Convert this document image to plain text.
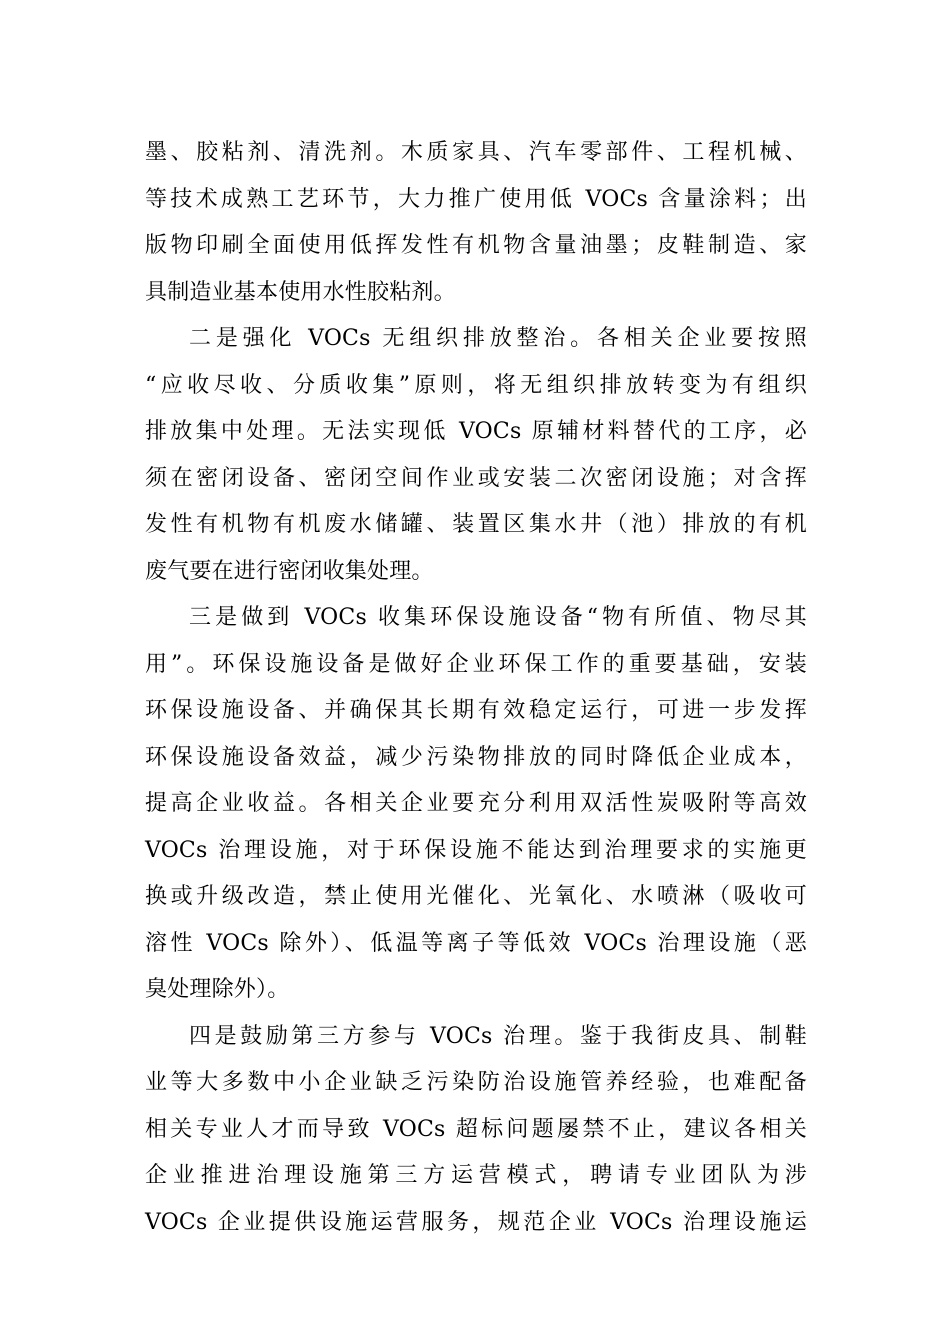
墨、胶粘剂、清洗剂。木质家具、汽车零部件、工程机械、
等技术成熟工艺环节，大力推广使用低 VOCs 含量涂料；出
版物印刷全面使用低挥发性有机物含量油墨；皮鞋制造、家
具制造业基本使用水性胶粘剂。
二是强化 VOCs 无组织排放整治。各相关企业要按照
“应收尽收、分质收集”原则，将无组织排放转变为有组织
排放集中处理。无法实现低 VOCs 原辅材料替代的工序，必
须在密闭设备、密闭空间作业或安装二次密闭设施；对含挥
发性有机物有机废水储罐、装置区集水井（池）排放的有机
废气要在进行密闭收集处理。
三是做到 VOCs 收集环保设施设备“物有所值、物尽其
用”。环保设施设备是做好企业环保工作的重要基础，安装
环保设施设备、并确保其长期有效稳定运行，可进一步发挥
环保设施设备效益，减少污染物排放的同时降低企业成本，
提高企业收益。各相关企业要充分利用双活性炭吸附等高效
VOCs 治理设施，对于环保设施不能达到治理要求的实施更
换或升级改造，禁止使用光催化、光氧化、水喷淋（吸收可
溶性 VOCs 除外）、低温等离子等低效 VOCs 治理设施（恶
臭处理除外）。
四是鼓励第三方参与 VOCs 治理。鉴于我街皮具、制鞋
业等大多数中小企业缺乏污染防治设施管养经验，也难配备
相关专业人才而导致 VOCs 超标问题屡禁不止，建议各相关
企业推进治理设施第三方运营模式，聘请专业团队为涉
VOCs 企业提供设施运营服务，规范企业 VOCs 治理设施运
